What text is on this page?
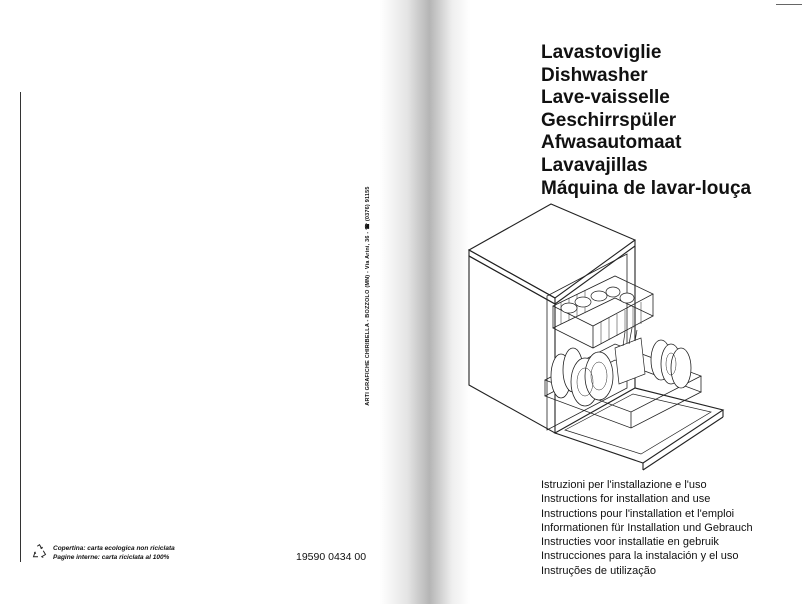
Lavastoviglie
Dishwasher
Lave-vaisselle
Geschirrspüler
Afwasautomaat
Lavavajillas
Máquina de lavar-louça
Istruzioni per l'installazione e l'uso
Instructions for installation and use
Instructions pour l'installation et l'emploi
Informationen für Installation und Gebrauch
Instructies voor installatie en gebruik
Instrucciones para la instalación y el uso
Instruções de utilização
Copertina: carta ecologica non riciclata
Pagine interne: carta riciclata al 100%	19590 0434 00
ARTI GRAFICHE CHIRIBELLA - BOZZOLO (MN) - Via Arini, 36 - ☎ (0376) 91155
